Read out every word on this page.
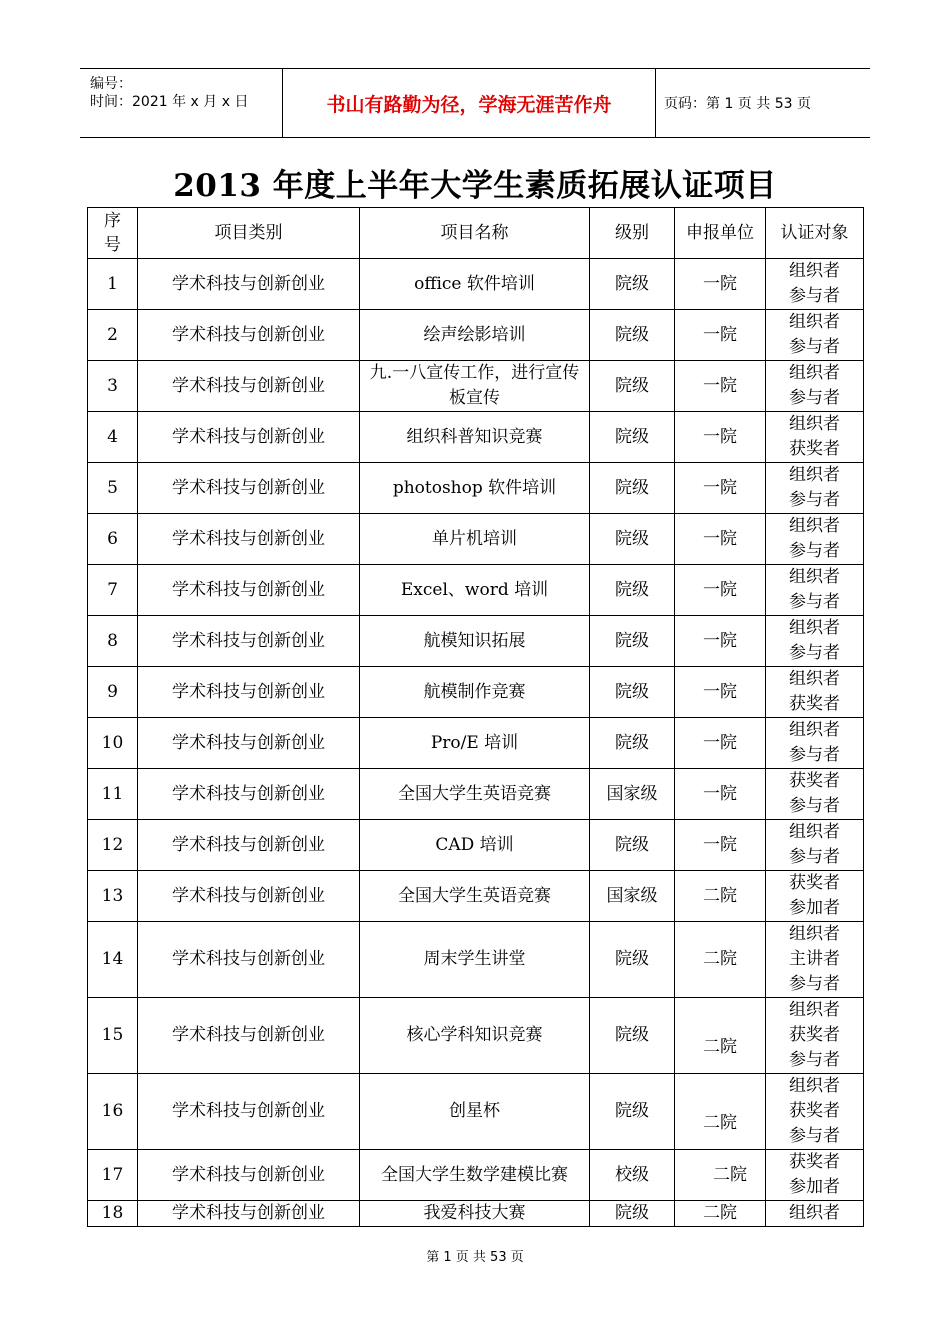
编号：
时间：2021 年 x 月 x 日	书山有路勤为径，学海无涯苦作舟	页码：第 1 页 共 53 页
2013 年度上半年大学生素质拓展认证项目
序号	项目类别	项目名称	级别	申报单位	认证对象
1	学术科技与创新创业	office 软件培训	院级	一院	组织者
参与者

2	学术科技与创新创业	绘声绘影培训	院级	一院	组织者
参与者

3	学术科技与创新创业	九.一八宣传工作，进行宣传板宣传	院级	一院	组织者
参与者

4	学术科技与创新创业	组织科普知识竞赛	院级	一院	组织者
获奖者

5	学术科技与创新创业	photoshop 软件培训	院级	一院	组织者
参与者

6	学术科技与创新创业	单片机培训	院级	一院	组织者
参与者

7	学术科技与创新创业	Excel、word 培训	院级	一院	组织者
参与者

8	学术科技与创新创业	航模知识拓展	院级	一院	组织者
参与者

9	学术科技与创新创业	航模制作竞赛	院级	一院	组织者
获奖者

10	学术科技与创新创业	Pro/E 培训	院级	一院	组织者
参与者

11	学术科技与创新创业	全国大学生英语竞赛	国家级	一院	获奖者
参与者

12	学术科技与创新创业	CAD 培训	院级	一院	组织者
参与者

13	学术科技与创新创业	全国大学生英语竞赛	国家级	二院	获奖者
参加者

14	学术科技与创新创业	周末学生讲堂	院级	二院	组织者
主讲者
参与者

15	学术科技与创新创业	核心学科知识竞赛	院级	二院	组织者
获奖者
参与者

16	学术科技与创新创业	创星杯	院级	二院	组织者
获奖者
参与者

17	学术科技与创新创业	全国大学生数学建模比赛	校级	二院	获奖者
参加者

18	学术科技与创新创业	我爱科技大赛	院级	二院	组织者
第 1 页 共 53 页
